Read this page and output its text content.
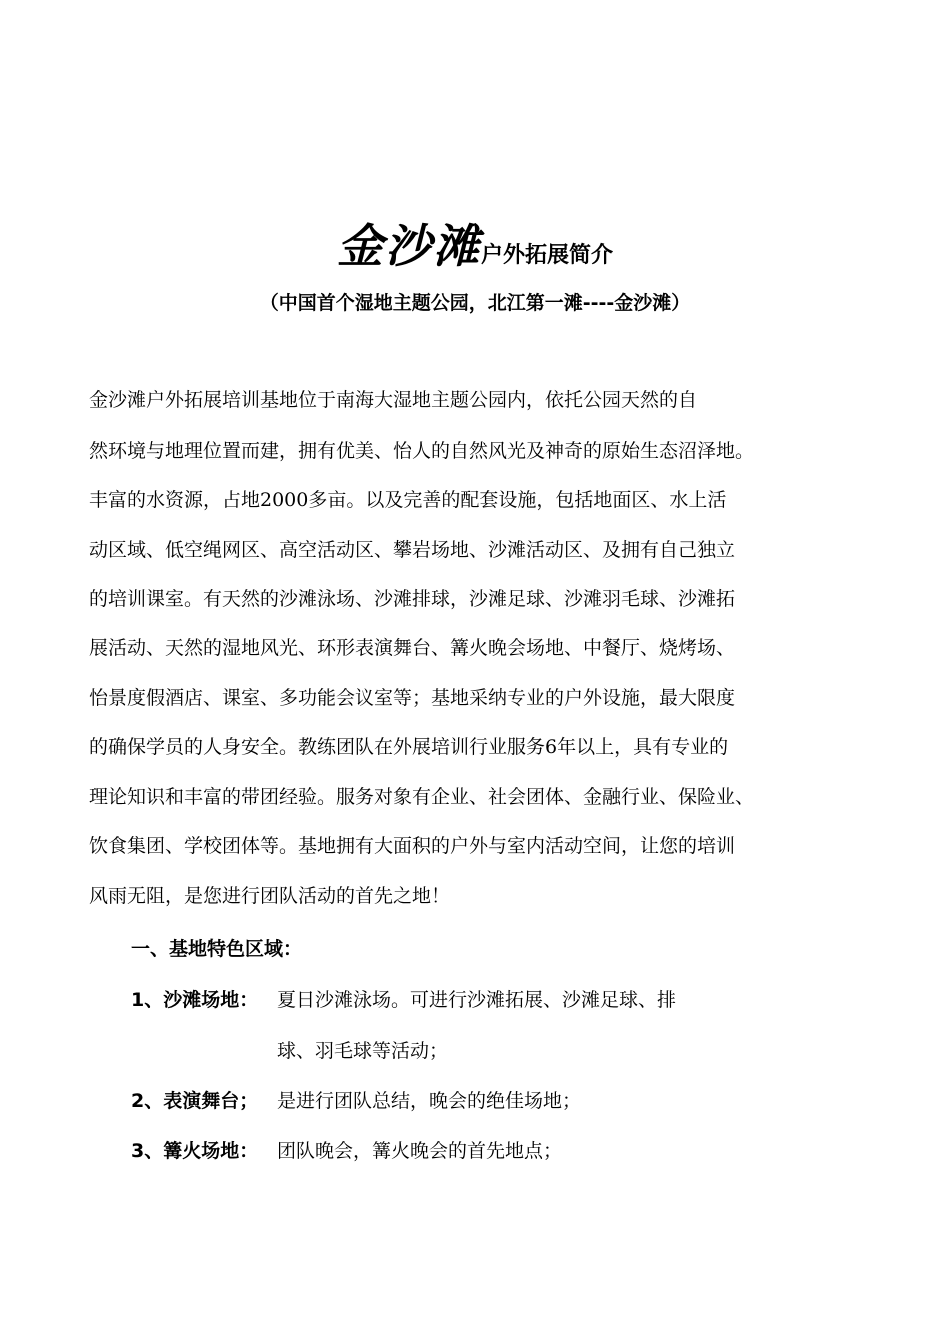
金沙滩户外拓展简介
（中国首个湿地主题公园，北江第一滩----金沙滩）
金沙滩户外拓展培训基地位于南海大湿地主题公园内，依托公园天然的自
然环境与地理位置而建，拥有优美、怡人的自然风光及神奇的原始生态沼泽地。
丰富的水资源，占地2000多亩。以及完善的配套设施，包括地面区、水上活
动区域、低空绳网区、高空活动区、攀岩场地、沙滩活动区、及拥有自己独立
的培训课室。有天然的沙滩泳场、沙滩排球，沙滩足球、沙滩羽毛球、沙滩拓
展活动、天然的湿地风光、环形表演舞台、篝火晚会场地、中餐厅、烧烤场、
怡景度假酒店、课室、多功能会议室等；基地采纳专业的户外设施，最大限度
的确保学员的人身安全。教练团队在外展培训行业服务6年以上，具有专业的
理论知识和丰富的带团经验。服务对象有企业、社会团体、金融行业、保险业、
饮食集团、学校团体等。基地拥有大面积的户外与室内活动空间，让您的培训
风雨无阻，是您进行团队活动的首先之地！
一、基地特色区域：
1、沙滩场地： 夏日沙滩泳场。可进行沙滩拓展、沙滩足球、排
球、羽毛球等活动；
2、表演舞台； 是进行团队总结，晚会的绝佳场地；
3、篝火场地： 团队晚会，篝火晚会的首先地点；
